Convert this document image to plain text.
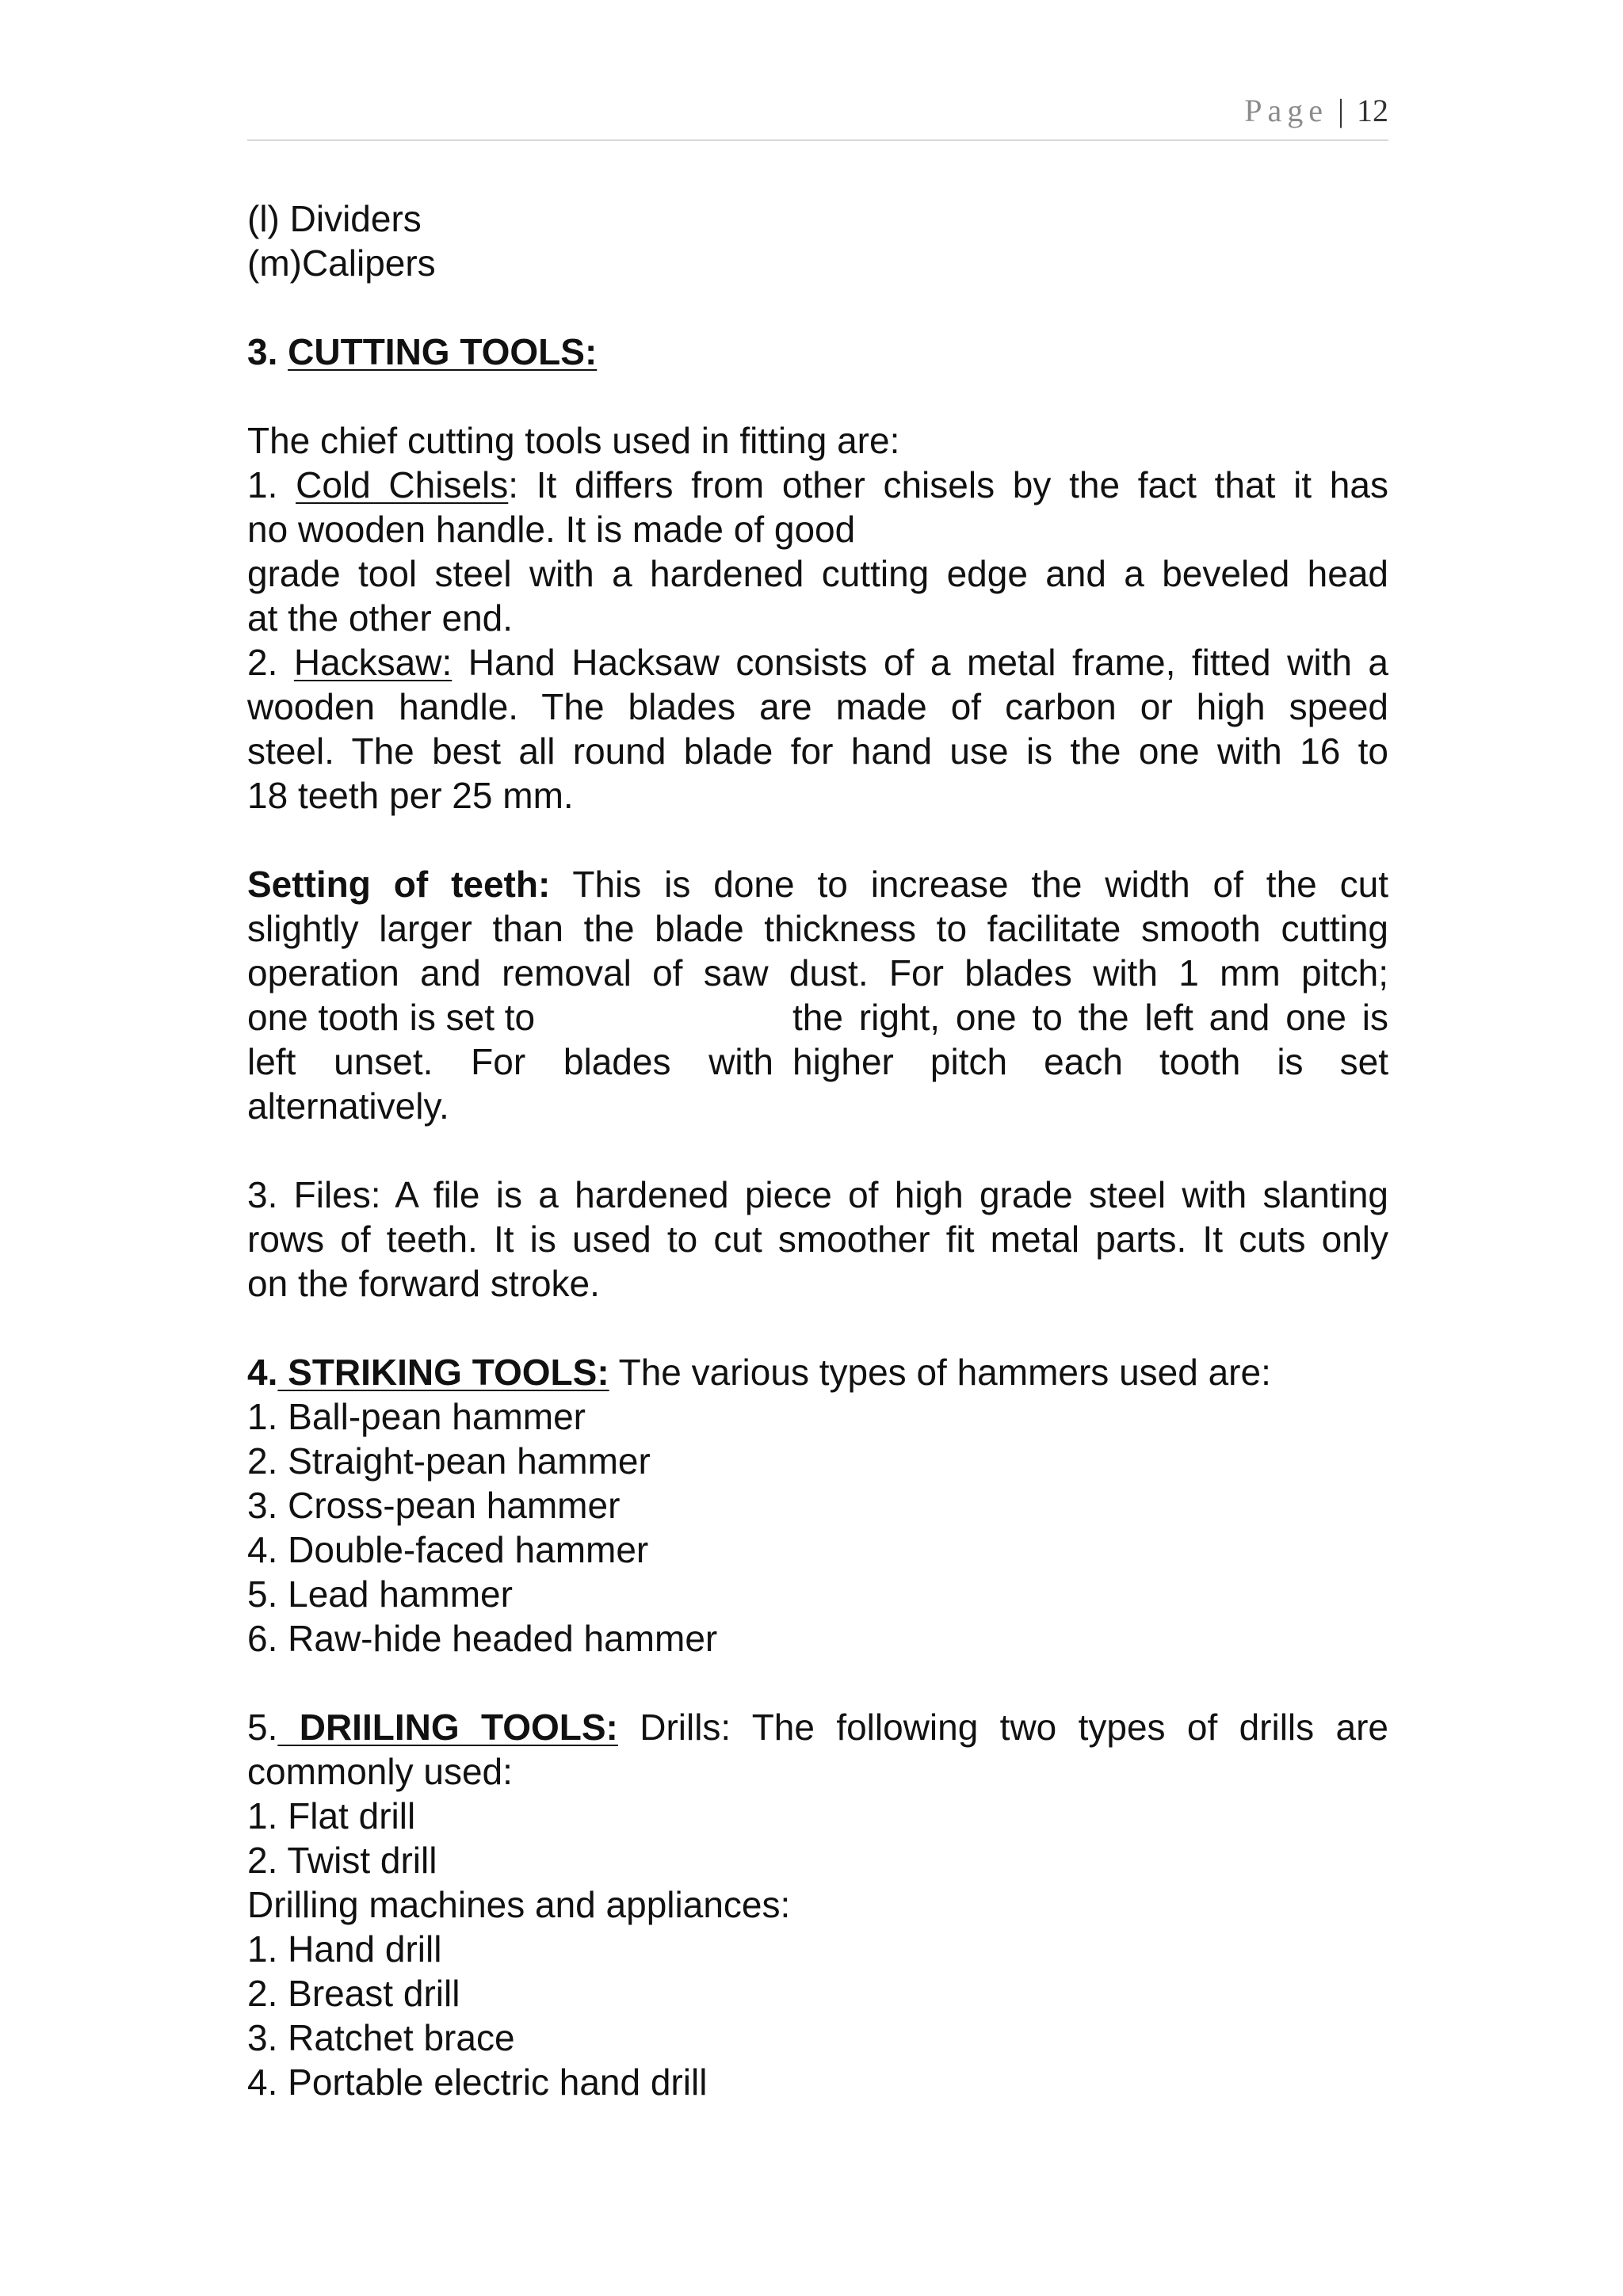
Page | 12
(l) Dividers
(m)Calipers
3. CUTTING TOOLS:
The chief cutting tools used in fitting are:
1. Cold Chisels: It differs from other chisels by the fact that it has
no wooden handle. It is made of good
grade tool steel with a hardened cutting edge and a beveled head
at the other end.
2. Hacksaw: Hand Hacksaw consists of a metal frame, fitted with a
wooden handle. The blades are made of carbon or high speed
steel. The best all round blade for hand use is the one with 16 to
18 teeth per 25 mm.
Setting of teeth: This is done to increase the width of the cut
slightly larger than the blade thickness to facilitate smooth cutting
operation and removal of saw dust. For blades with 1 mm pitch;
one tooth is set to	the right, one to the left and one is
left unset. For blades with higher pitch each tooth is set
alternatively.
3. Files: A file is a hardened piece of high grade steel with slanting
rows of teeth. It is used to cut smoother fit metal parts. It cuts only
on the forward stroke.
4. STRIKING TOOLS: The various types of hammers used are:
1. Ball-pean hammer
2. Straight-pean hammer
3. Cross-pean hammer
4. Double-faced hammer
5. Lead hammer
6. Raw-hide headed hammer
5. DRIILING TOOLS: Drills: The following two types of drills are
commonly used:
1. Flat drill
2. Twist drill
Drilling machines and appliances:
1. Hand drill
2. Breast drill
3. Ratchet brace
4. Portable electric hand drill
